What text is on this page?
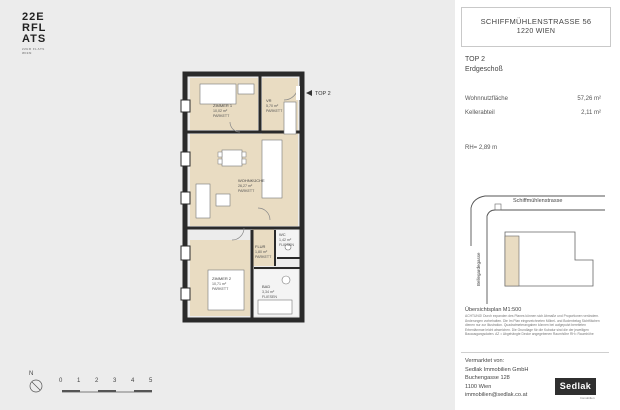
22E
RFL
ATS
22ER FLATS WIEN
TOP 2
ZIMMER 1
10,02 m²
PARKETT
VR
5,70 m²
PARKETT
WOHNKÜCHE
26,27 m²
PARKETT
WC
1,42 m²
FLIESEN
FLUR
1,80 m²
PARKETT
ZIMMER 2
10,71 m²
PARKETT	BAD
3,34 m²
FLIESEN
N
0 1 2 3 4 5
SCHIFFMÜHLENSTRASSE 56
1220 WIEN
TOP 2
Erdgeschoß
Wohnnutzfläche	57,26 m²
Kellerabteil	2,11 m²
RH= 2,89 m
Schiffmühlenstrasse
Bellegardegasse
Übersichtsplan M1:500
ACHTUNG! Durch expanden des Planes können sich Abmaße und Proportionen verändern. Änderungen vorbehalten. Die Im Plan eingezeichneten Möbel- und Bodenbelag Sichtflächen dienen nur zur Illustration. Quadratmeterangaben können bei aufgeputzt bereiteten Erbenlänmae leicht abweichen. Die Grundlage für die Kubatur sind die der jeweiligen Bauausgangsdaten. AZ = Abgehängte Decke angegebenen Raumhöhe RH= Raumhöhe
Vermarktet von:
Sedlak Immobilien GmbH
Buchengasse 128
1100 Wien
immobilien@sedlak.co.at
Sedlak
Immobilien
